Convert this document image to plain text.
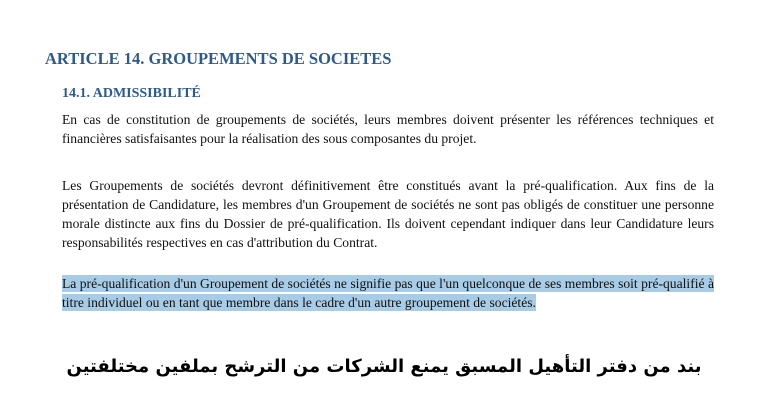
ARTICLE 14. GROUPEMENTS DE SOCIETES
14.1. ADMISSIBILITÉ

En cas de constitution de groupements de sociétés, leurs membres doivent présenter les références techniques et financières satisfaisantes pour la réalisation des sous composantes du projet.

Les Groupements de sociétés devront définitivement être constitués avant la pré-qualification. Aux fins de la présentation de Candidature, les membres d'un Groupement de sociétés ne sont pas obligés de constituer une personne morale distincte aux fins du Dossier de pré-qualification. Ils doivent cependant indiquer dans leur Candidature leurs responsabilités respectives en cas d'attribution du Contrat.

La pré-qualification d'un Groupement de sociétés ne signifie pas que l'un quelconque de ses membres soit pré-qualifié à titre individuel ou en tant que membre dans le cadre d'un autre groupement de sociétés.

بند من دفتر التأهيل المسبق يمنع الشركات من الترشح بملفين مختلفتين
